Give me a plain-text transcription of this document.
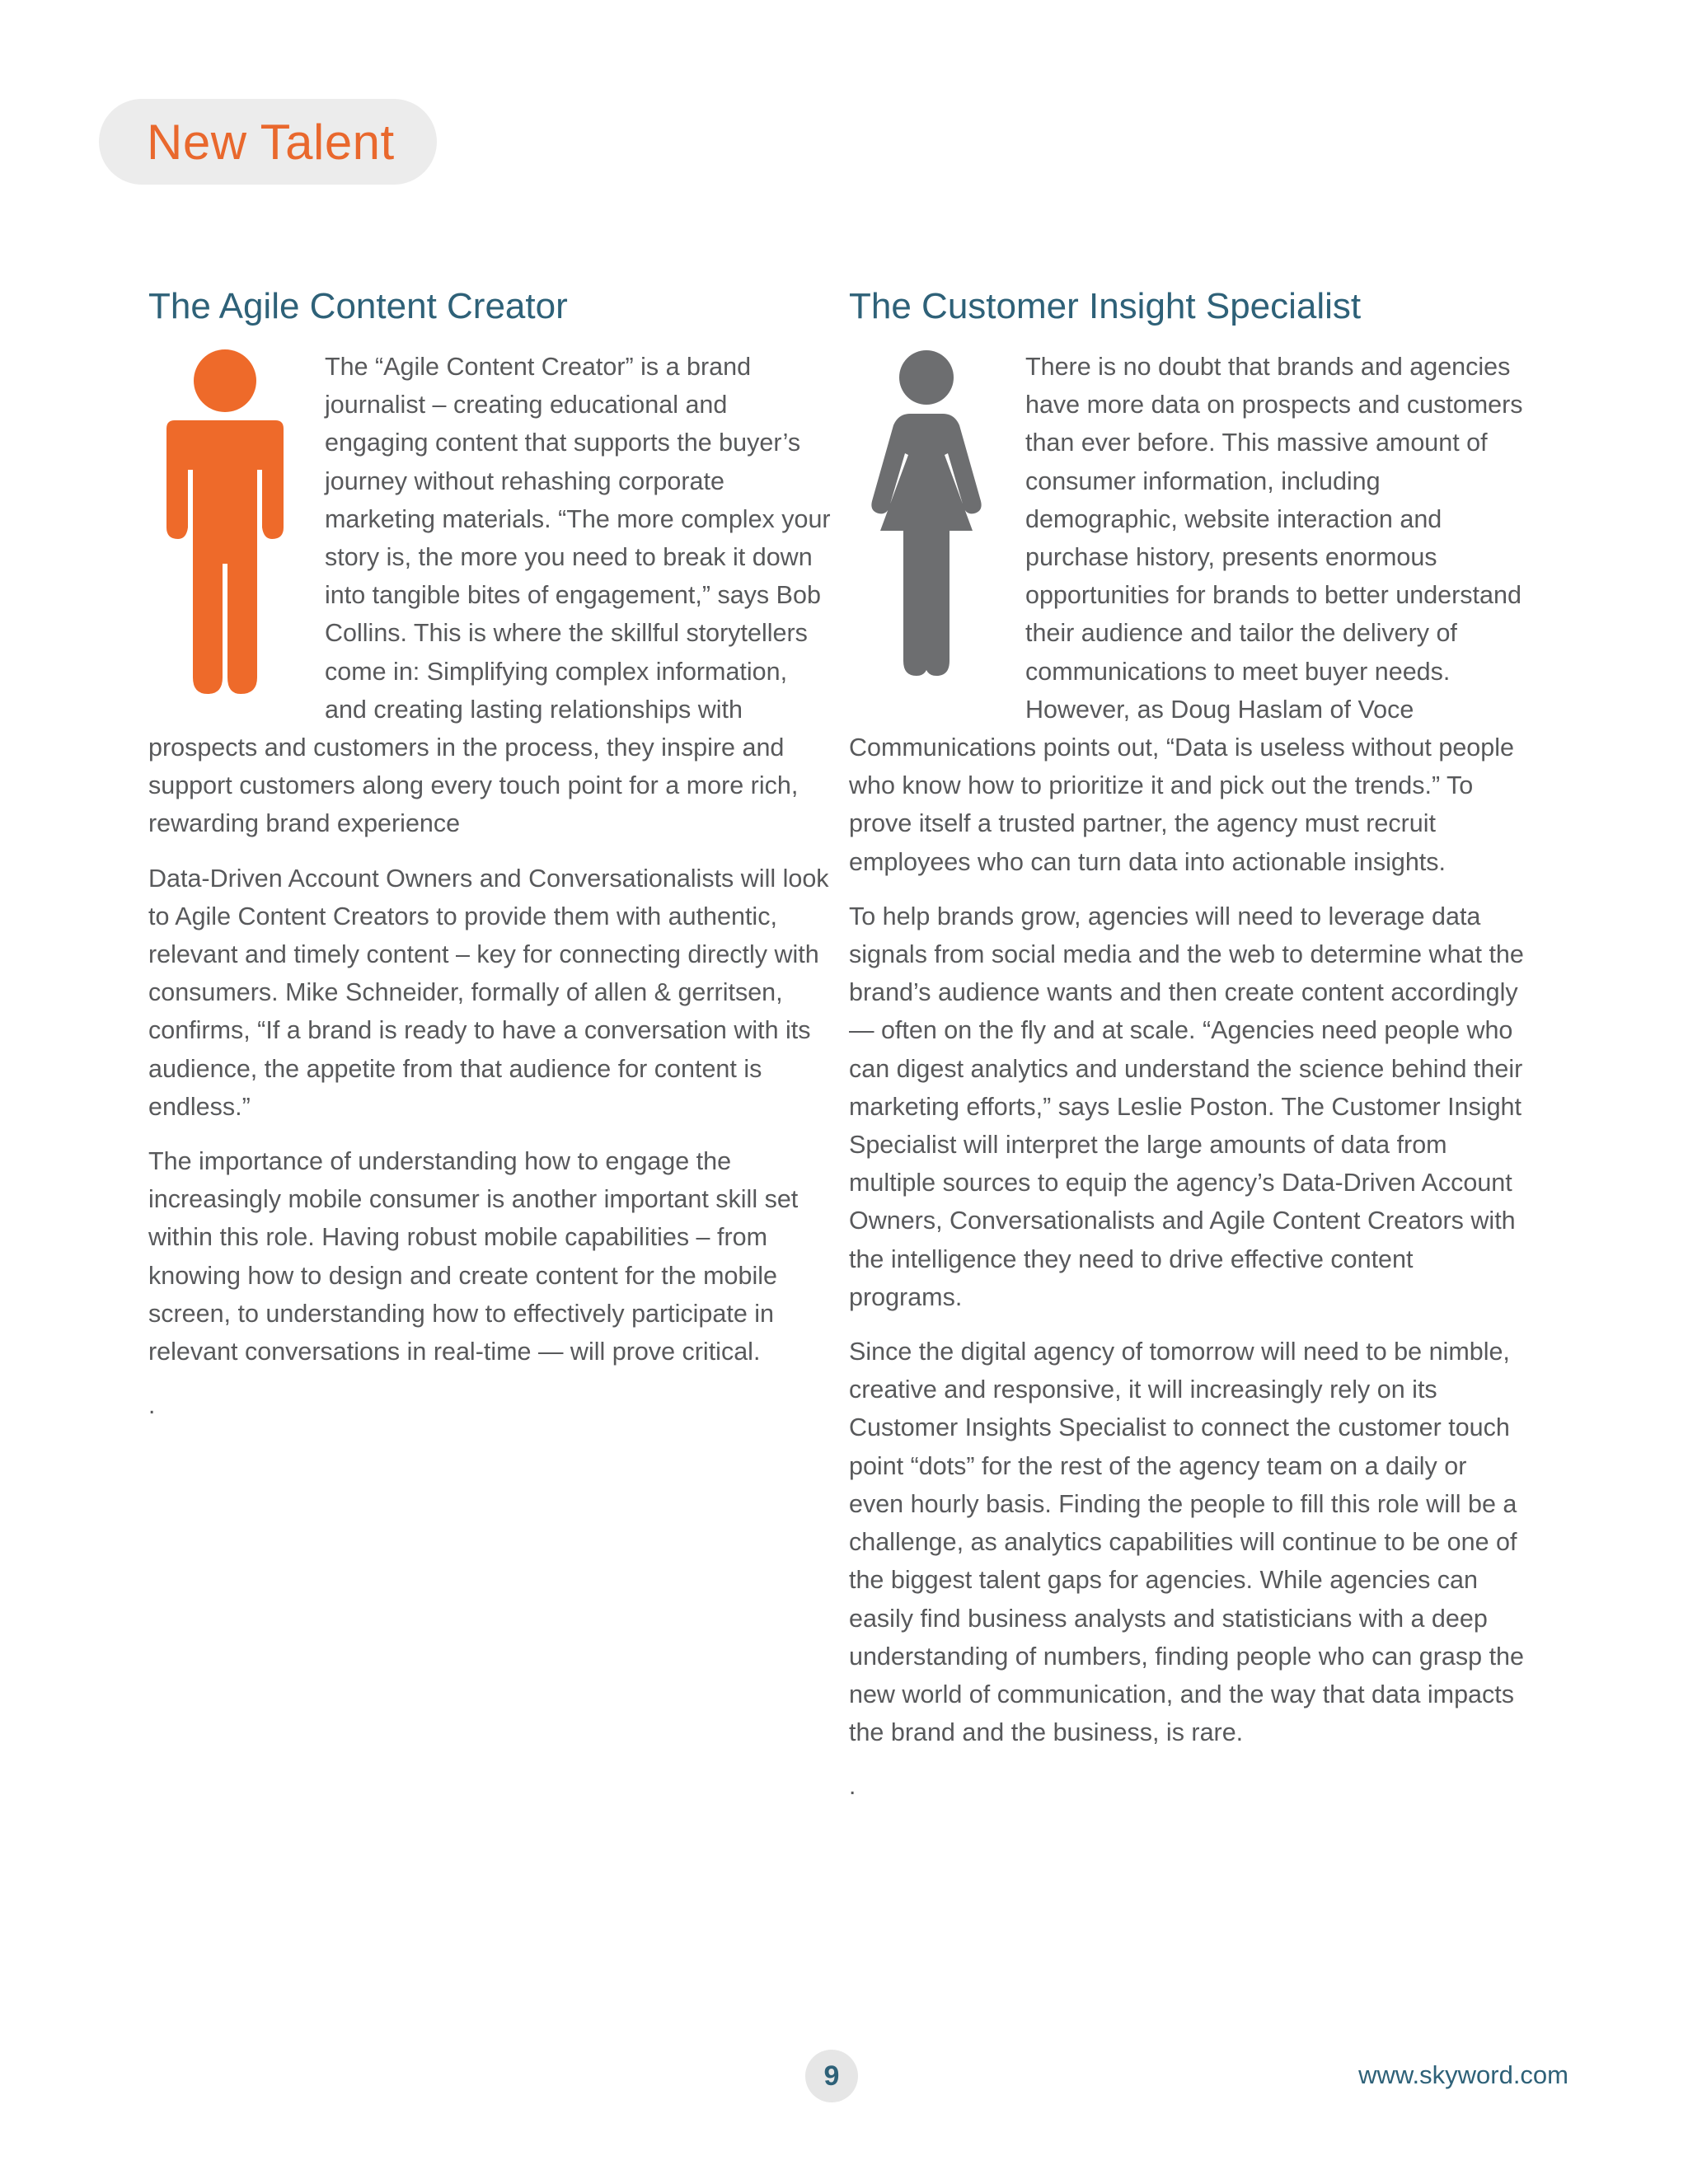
New Talent
The Agile Content Creator

The “Agile Content Creator” is a brand journalist – creating educational and engaging content that supports the buyer’s journey without rehashing corporate marketing materials. “The more complex your story is, the more you need to break it down into tangible bites of engagement,” says Bob Collins. This is where the skillful storytellers come in: Simplifying complex information, and creating lasting relationships with prospects and customers in the process, they inspire and support customers along every touch point for a more rich, rewarding brand experience

Data-Driven Account Owners and Conversationalists will look to Agile Content Creators to provide them with authentic, relevant and timely content – key for connecting directly with consumers. Mike Schneider, formally of allen & gerritsen, confirms, “If a brand is ready to have a conversation with its audience, the appetite from that audience for content is endless.”

The importance of understanding how to engage the increasingly mobile consumer is another important skill set within this role. Having robust mobile capabilities – from knowing how to design and create content for the mobile screen, to understanding how to effectively participate in relevant conversations in real-time — will prove critical.

.
The Customer Insight Specialist

There is no doubt that brands and agencies have more data on prospects and customers than ever before. This massive amount of consumer information, including demographic, website interaction and purchase history, presents enormous opportunities for brands to better understand their audience and tailor the delivery of communications to meet buyer needs. However, as Doug Haslam of Voce Communications points out, “Data is useless without people who know how to prioritize it and pick out the trends.” To prove itself a trusted partner, the agency must recruit employees who can turn data into actionable insights.

To help brands grow, agencies will need to leverage data signals from social media and the web to determine what the brand’s audience wants and then create content accordingly — often on the fly and at scale. “Agencies need people who can digest analytics and understand the science behind their marketing efforts,” says Leslie Poston. The Customer Insight Specialist will interpret the large amounts of data from multiple sources to equip the agency’s Data-Driven Account Owners, Conversationalists and Agile Content Creators with the intelligence they need to drive effective content programs.

Since the digital agency of tomorrow will need to be nimble, creative and responsive, it will increasingly rely on its Customer Insights Specialist to connect the customer touch point “dots” for the rest of the agency team on a daily or even hourly basis. Finding the people to fill this role will be a challenge, as analytics capabilities will continue to be one of the biggest talent gaps for agencies. While agencies can easily find business analysts and statisticians with a deep understanding of numbers, finding people who can grasp the new world of communication, and the way that data impacts the brand and the business, is rare.

.
9	www.skyword.com
